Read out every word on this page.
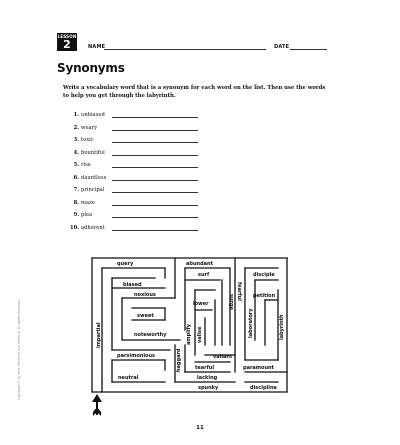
LESSON
2	NAME	DATE
Synonyms

Write a vocabulary word that is a synonym for each word on the list. Then use the words to help you get through the labyrinth.

1. unbiased
2. weary
3. toxic
4. bountiful
5. rise
6. dauntless
7. principal
8. maze
9. plea
10. adherent
Copyright © by Holt, Rinehart and Winston. All rights reserved.
query	abundant
surf	disciple
biased
noxious
lower	surge
fearful petition
sweet
impartial	laboratory	labyrinth
noteworthy	amplify valise
parsimonious	valiant
haggard	tearful	paramount
neutral	lacking
spunky	discipline
11
